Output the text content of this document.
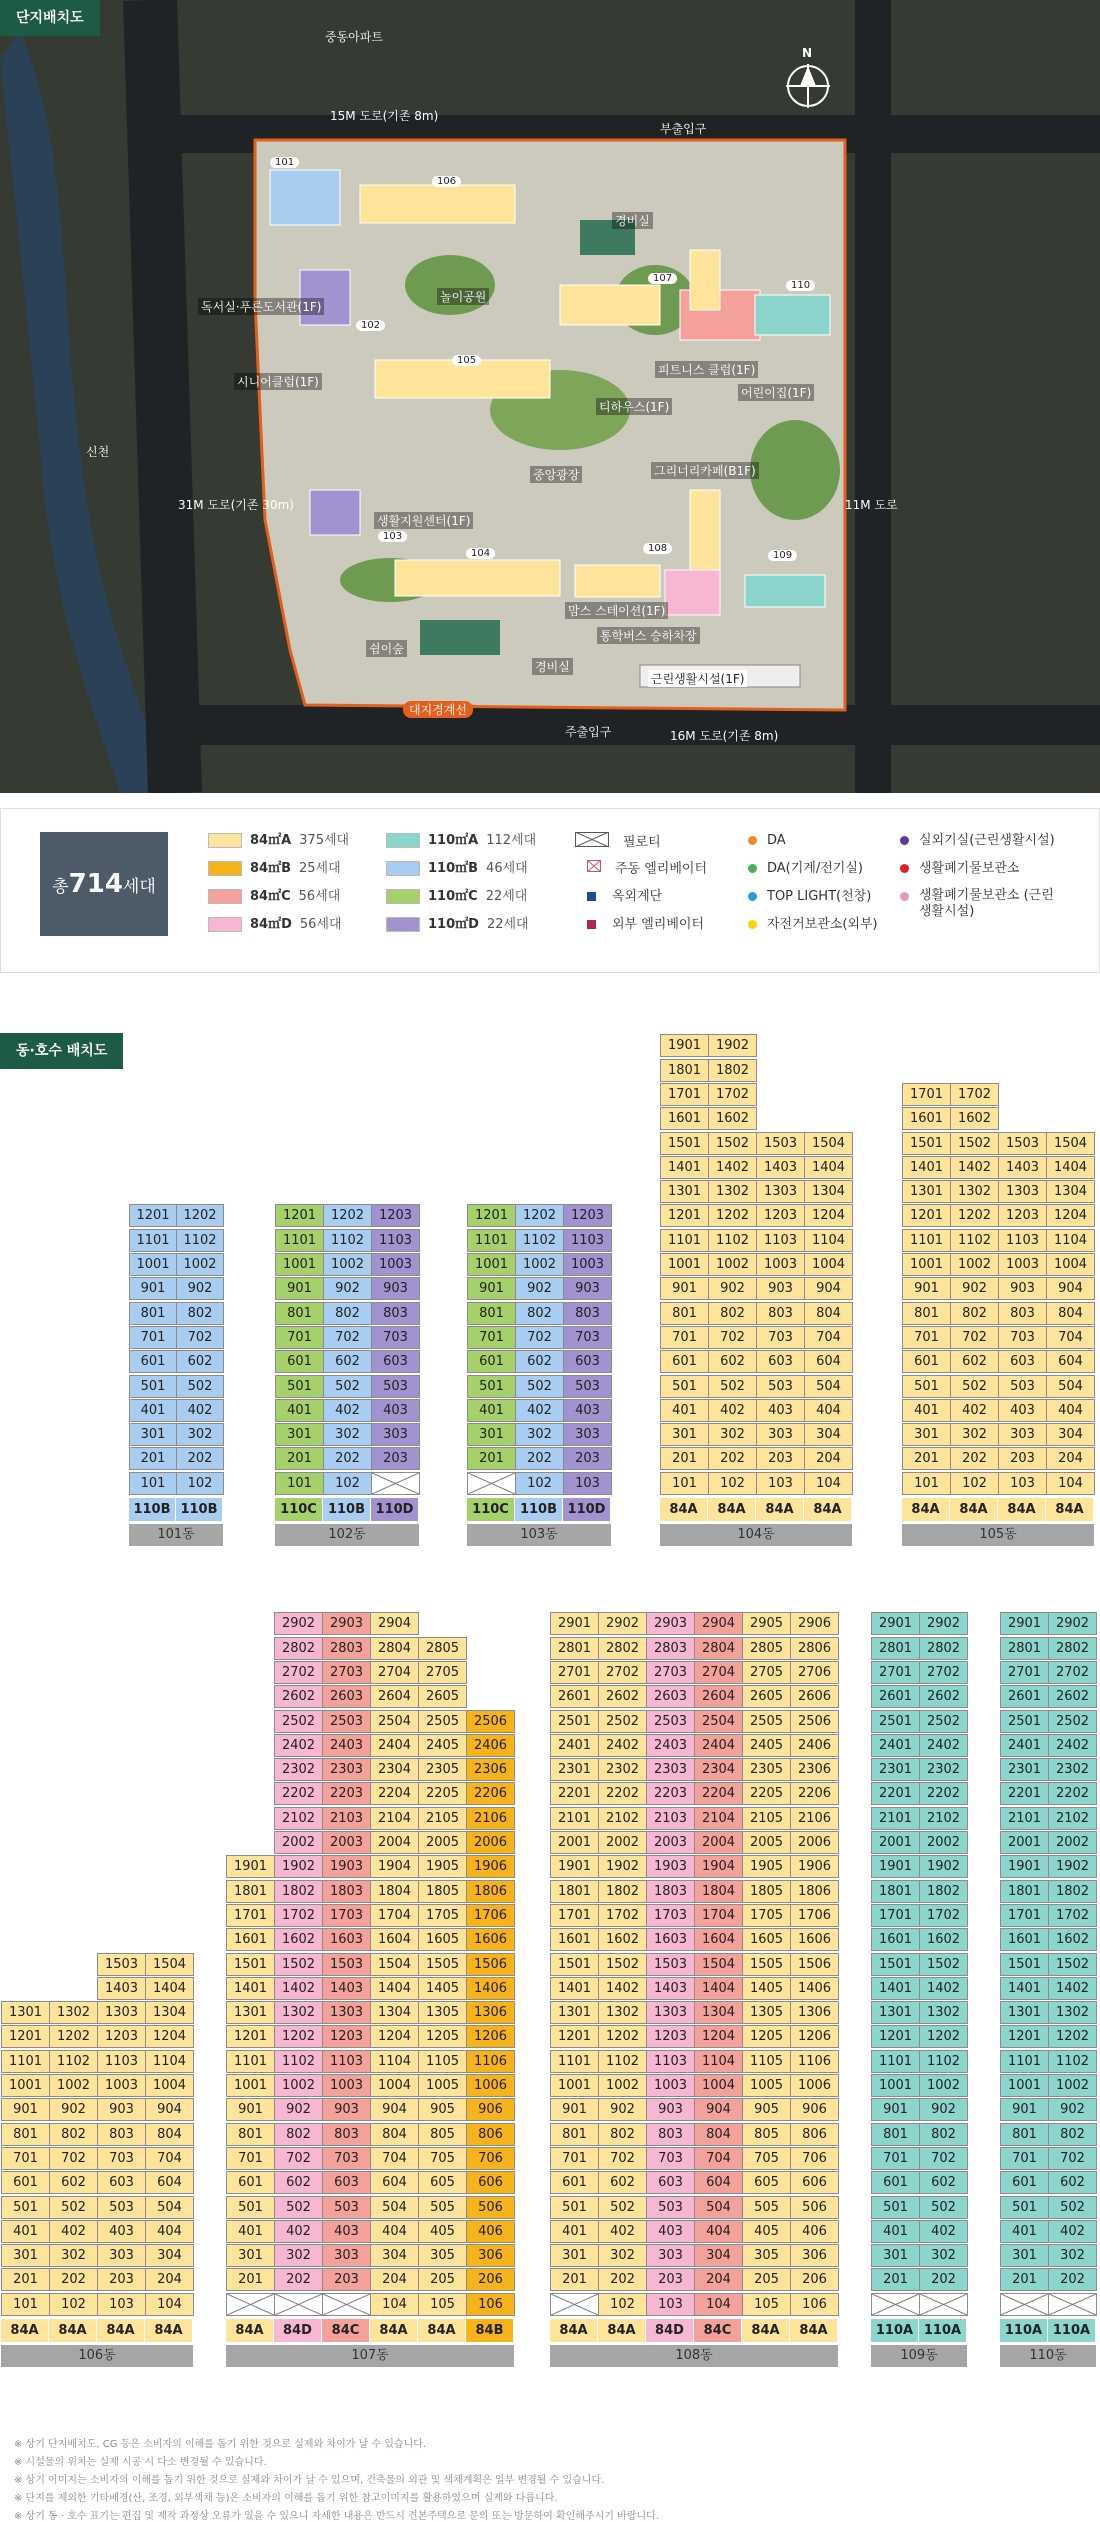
단지배치도
N
중동아파트
15M 도로(기존 8m)
31M 도로(기존 30m)	11M 도로
16M 도로(기존 8m)
신천
부출입구
주출입구
경비실
경비실
대지경계선
독서실·푸른도서관(1F)
시니어클럽(1F)
놀이공원
피트니스 클럽(1F)
어린이집(1F)
티하우스(1F)
중앙광장	그리너리카페(B1F)
생활지원센터(1F)
맘스 스테이션(1F)
통학버스 승하차장
근린생활시설(1F)
쉼이숲
101
102
103
104
105
106
107
108
109
110
총714세대
84㎡A 375세대
84㎡B 25세대
84㎡C 56세대
84㎡D 56세대
110㎡A 112세대
110㎡B 46세대
110㎡C 22세대
110㎡D 22세대
필로티
주동 엘리베이터
옥외계단
외부 엘리베이터
DA
DA(기계/전기실)
TOP LIGHT(천창)
자전거보관소(외부)
실외기실(근린생활시설)
생활폐기물보관소
생활폐기물보관소 (근린생활시설)
동·호수 배치도
101
201
301
401
501
601
701
801
901
1001
1101
1201
110B
102
202
302
402
502
602
702
802
902
1002
1102
1202
110B
101동
101
201
301
401
501
601
701
801
901
1001
1101
1201
110C
102
202
302
402
502
602
702
802
902
1002
1102
1202
110B
203
303
403
503
603
703
803
903
1003
1103
1203
110D
102동
201
301
401
501
601
701
801
901
1001
1101
1201
110C
102
202
302
402
502
602
702
802
902
1002
1102
1202
110B
103
203
303
403
503
603
703
803
903
1003
1103
1203
110D
103동
101
201
301
401
501
601
701
801
901
1001
1101
1201
1301
1401
1501
1601
1701
1801
1901
84A
102
202
302
402
502
602
702
802
902
1002
1102
1202
1302
1402
1502
1602
1702
1802
1902
84A
103
203
303
403
503
603
703
803
903
1003
1103
1203
1303
1403
1503
84A
104
204
304
404
504
604
704
804
904
1004
1104
1204
1304
1404
1504
84A
104동
101
201
301
401
501
601
701
801
901
1001
1101
1201
1301
1401
1501
1601
1701
84A
102
202
302
402
502
602
702
802
902
1002
1102
1202
1302
1402
1502
1602
1702
84A
103
203
303
403
503
603
703
803
903
1003
1103
1203
1303
1403
1503
84A
104
204
304
404
504
604
704
804
904
1004
1104
1204
1304
1404
1504
84A
105동
101
201
301
401
501
601
701
801
901
1001
1101
1201
1301
84A
102
202
302
402
502
602
702
802
902
1002
1102
1202
1302
84A
103
203
303
403
503
603
703
803
903
1003
1103
1203
1303
1403
1503
84A
104
204
304
404
504
604
704
804
904
1004
1104
1204
1304
1404
1504
84A
106동
201
301
401
501
601
701
801
901
1001
1101
1201
1301
1401
1501
1601
1701
1801
1901
84A
202
302
402
502
602
702
802
902
1002
1102
1202
1302
1402
1502
1602
1702
1802
1902
2002
2102
2202
2302
2402
2502
2602
2702
2802
2902
84D
203
303
403
503
603
703
803
903
1003
1103
1203
1303
1403
1503
1603
1703
1803
1903
2003
2103
2203
2303
2403
2503
2603
2703
2803
2903
84C
104
204
304
404
504
604
704
804
904
1004
1104
1204
1304
1404
1504
1604
1704
1804
1904
2004
2104
2204
2304
2404
2504
2604
2704
2804
2904
84A
105
205
305
405
505
605
705
805
905
1005
1105
1205
1305
1405
1505
1605
1705
1805
1905
2005
2105
2205
2305
2405
2505
2605
2705
2805
84A
106
206
306
406
506
606
706
806
906
1006
1106
1206
1306
1406
1506
1606
1706
1806
1906
2006
2106
2206
2306
2406
2506
84B
107동
201
301
401
501
601
701
801
901
1001
1101
1201
1301
1401
1501
1601
1701
1801
1901
2001
2101
2201
2301
2401
2501
2601
2701
2801
2901
84A
102
202
302
402
502
602
702
802
902
1002
1102
1202
1302
1402
1502
1602
1702
1802
1902
2002
2102
2202
2302
2402
2502
2602
2702
2802
2902
84A
103
203
303
403
503
603
703
803
903
1003
1103
1203
1303
1403
1503
1603
1703
1803
1903
2003
2103
2203
2303
2403
2503
2603
2703
2803
2903
84D
104
204
304
404
504
604
704
804
904
1004
1104
1204
1304
1404
1504
1604
1704
1804
1904
2004
2104
2204
2304
2404
2504
2604
2704
2804
2904
84C
105
205
305
405
505
605
705
805
905
1005
1105
1205
1305
1405
1505
1605
1705
1805
1905
2005
2105
2205
2305
2405
2505
2605
2705
2805
2905
84A
106
206
306
406
506
606
706
806
906
1006
1106
1206
1306
1406
1506
1606
1706
1806
1906
2006
2106
2206
2306
2406
2506
2606
2706
2806
2906
84A
108동
201
301
401
501
601
701
801
901
1001
1101
1201
1301
1401
1501
1601
1701
1801
1901
2001
2101
2201
2301
2401
2501
2601
2701
2801
2901
110A
202
302
402
502
602
702
802
902
1002
1102
1202
1302
1402
1502
1602
1702
1802
1902
2002
2102
2202
2302
2402
2502
2602
2702
2802
2902
110A
109동
201
301
401
501
601
701
801
901
1001
1101
1201
1301
1401
1501
1601
1701
1801
1901
2001
2101
2201
2301
2401
2501
2601
2701
2801
2901
110A
202
302
402
502
602
702
802
902
1002
1102
1202
1302
1402
1502
1602
1702
1802
1902
2002
2102
2202
2302
2402
2502
2602
2702
2802
2902
110A
110동
※ 상기 단지배치도, CG 등은 소비자의 이해를 돕기 위한 것으로 실제와 차이가 날 수 있습니다.
※ 시설물의 위치는 실제 시공 시 다소 변경될 수 있습니다.
※ 상기 이미지는 소비자의 이해를 돕기 위한 것으로 실제와 차이가 날 수 있으며, 건축물의 외관 및 색채계획은 일부 변경될 수 있습니다.
※ 단지를 제외한 기타배경(산, 조경, 외부색채 등)은 소비자의 이해를 돕기 위한 참고이미지를 활용하였으며 실제와 다릅니다.
※ 상기 동 · 호수 표기는 편집 및 제작 과정상 오류가 있을 수 있으니 자세한 내용은 반드시 견본주택으로 문의 또는 방문하여 확인해주시기 바랍니다.
